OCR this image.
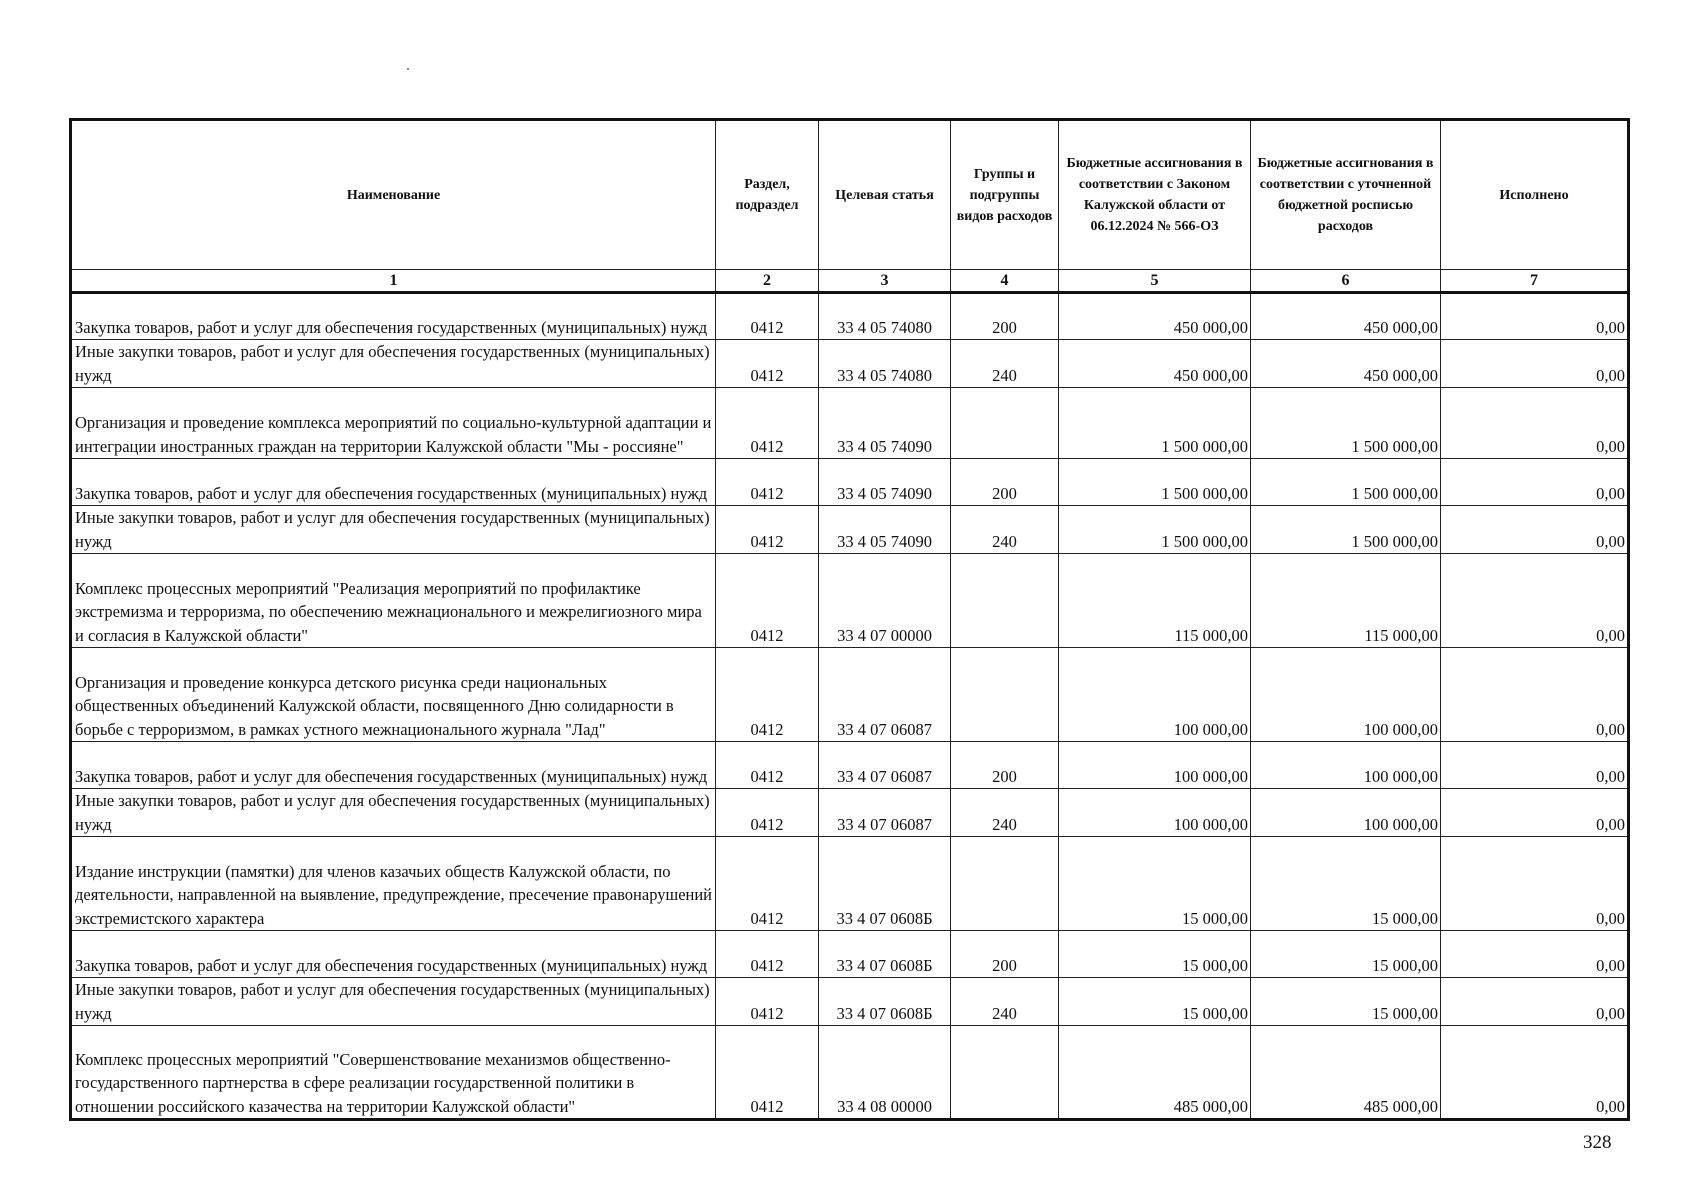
Наименование	Раздел, подраздел	Целевая статья	Группы и подгруппы видов расходов	Бюджетные ассигнования в соответствии с Законом Калужской области от 06.12.2024 № 566-ОЗ	Бюджетные ассигнования в соответствии с уточненной бюджетной росписью расходов	Исполнено
1	2	3	4	5	6	7
Закупка товаров, работ и услуг для обеспечения государственных (муниципальных) нужд	0412	33 4 05 74080	200	450 000,00	450 000,00	0,00
Иные закупки товаров, работ и услуг для обеспечения государственных (муниципальных) нужд	0412	33 4 05 74080	240	450 000,00	450 000,00	0,00
Организация и проведение комплекса мероприятий по социально-культурной адаптации и интеграции иностранных граждан на территории Калужской области "Мы - россияне"	0412	33 4 05 74090		1 500 000,00	1 500 000,00	0,00
Закупка товаров, работ и услуг для обеспечения государственных (муниципальных) нужд	0412	33 4 05 74090	200	1 500 000,00	1 500 000,00	0,00
Иные закупки товаров, работ и услуг для обеспечения государственных (муниципальных) нужд	0412	33 4 05 74090	240	1 500 000,00	1 500 000,00	0,00
Комплекс процессных мероприятий "Реализация мероприятий по профилактике экстремизма и терроризма, по обеспечению межнационального и межрелигиозного мира и согласия в Калужской области"	0412	33 4 07 00000		115 000,00	115 000,00	0,00
Организация и проведение конкурса детского рисунка среди национальных общественных объединений Калужской области, посвященного Дню солидарности в борьбе с терроризмом, в рамках устного межнационального журнала "Лад"	0412	33 4 07 06087		100 000,00	100 000,00	0,00
Закупка товаров, работ и услуг для обеспечения государственных (муниципальных) нужд	0412	33 4 07 06087	200	100 000,00	100 000,00	0,00
Иные закупки товаров, работ и услуг для обеспечения государственных (муниципальных) нужд	0412	33 4 07 06087	240	100 000,00	100 000,00	0,00
Издание инструкции (памятки) для членов казачьих обществ Калужской области, по деятельности, направленной на выявление, предупреждение, пресечение правонарушений экстремистского характера	0412	33 4 07 0608Б		15 000,00	15 000,00	0,00
Закупка товаров, работ и услуг для обеспечения государственных (муниципальных) нужд	0412	33 4 07 0608Б	200	15 000,00	15 000,00	0,00
Иные закупки товаров, работ и услуг для обеспечения государственных (муниципальных) нужд	0412	33 4 07 0608Б	240	15 000,00	15 000,00	0,00
Комплекс процессных мероприятий "Совершенствование механизмов общественно-государственного партнерства в сфере реализации государственной политики в отношении российского казачества на территории Калужской области"	0412	33 4 08 00000		485 000,00	485 000,00	0,00
328
